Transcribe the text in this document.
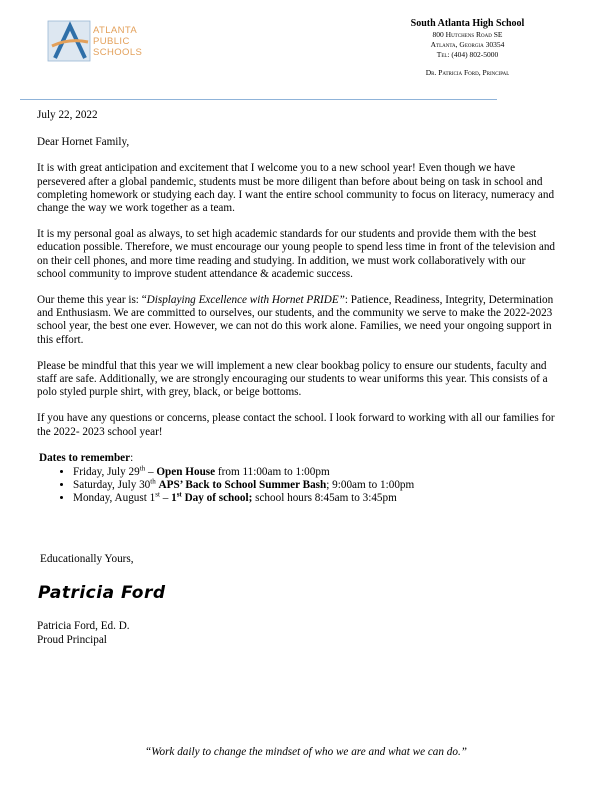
ATLANTA
PUBLIC
SCHOOLS
South Atlanta High School
800 Hutchens Road SE
Atlanta, Georgia 30354
Tel: (404) 802-5000
Dr. Patricia Ford, Principal

July 22, 2022

Dear Hornet Family,

It is with great anticipation and excitement that I welcome you to a new school year! Even though we have persevered after a global pandemic, students must be more diligent than before about being on task in school and completing homework or studying each day. I want the entire school community to focus on literacy, numeracy and change the way we work together as a team.

It is my personal goal as always, to set high academic standards for our students and provide them with the best education possible. Therefore, we must encourage our young people to spend less time in front of the television and on their cell phones, and more time reading and studying. In addition, we must work collaboratively with our school community to improve student attendance & academic success.

Our theme this year is: “Displaying Excellence with Hornet PRIDE”: Patience, Readiness, Integrity, Determination and Enthusiasm. We are committed to ourselves, our students, and the community we serve to make the 2022-2023 school year, the best one ever. However, we can not do this work alone. Families, we need your ongoing support in this effort.

Please be mindful that this year we will implement a new clear bookbag policy to ensure our students, faculty and staff are safe. Additionally, we are strongly encouraging our students to wear uniforms this year. This consists of a polo styled purple shirt, with grey, black, or beige bottoms.

If you have any questions or concerns, please contact the school. I look forward to working with all our families for the 2022- 2023 school year!

Dates to remember:
• Friday, July 29th – Open House from 11:00am to 1:00pm
• Saturday, July 30th APS’ Back to School Summer Bash; 9:00am to 1:00pm
• Monday, August 1st – 1st Day of school; school hours 8:45am to 3:45pm
Educationally Yours,
Patricia Ford
Patricia Ford, Ed. D.
Proud Principal
“Work daily to change the mindset of who we are and what we can do.”
